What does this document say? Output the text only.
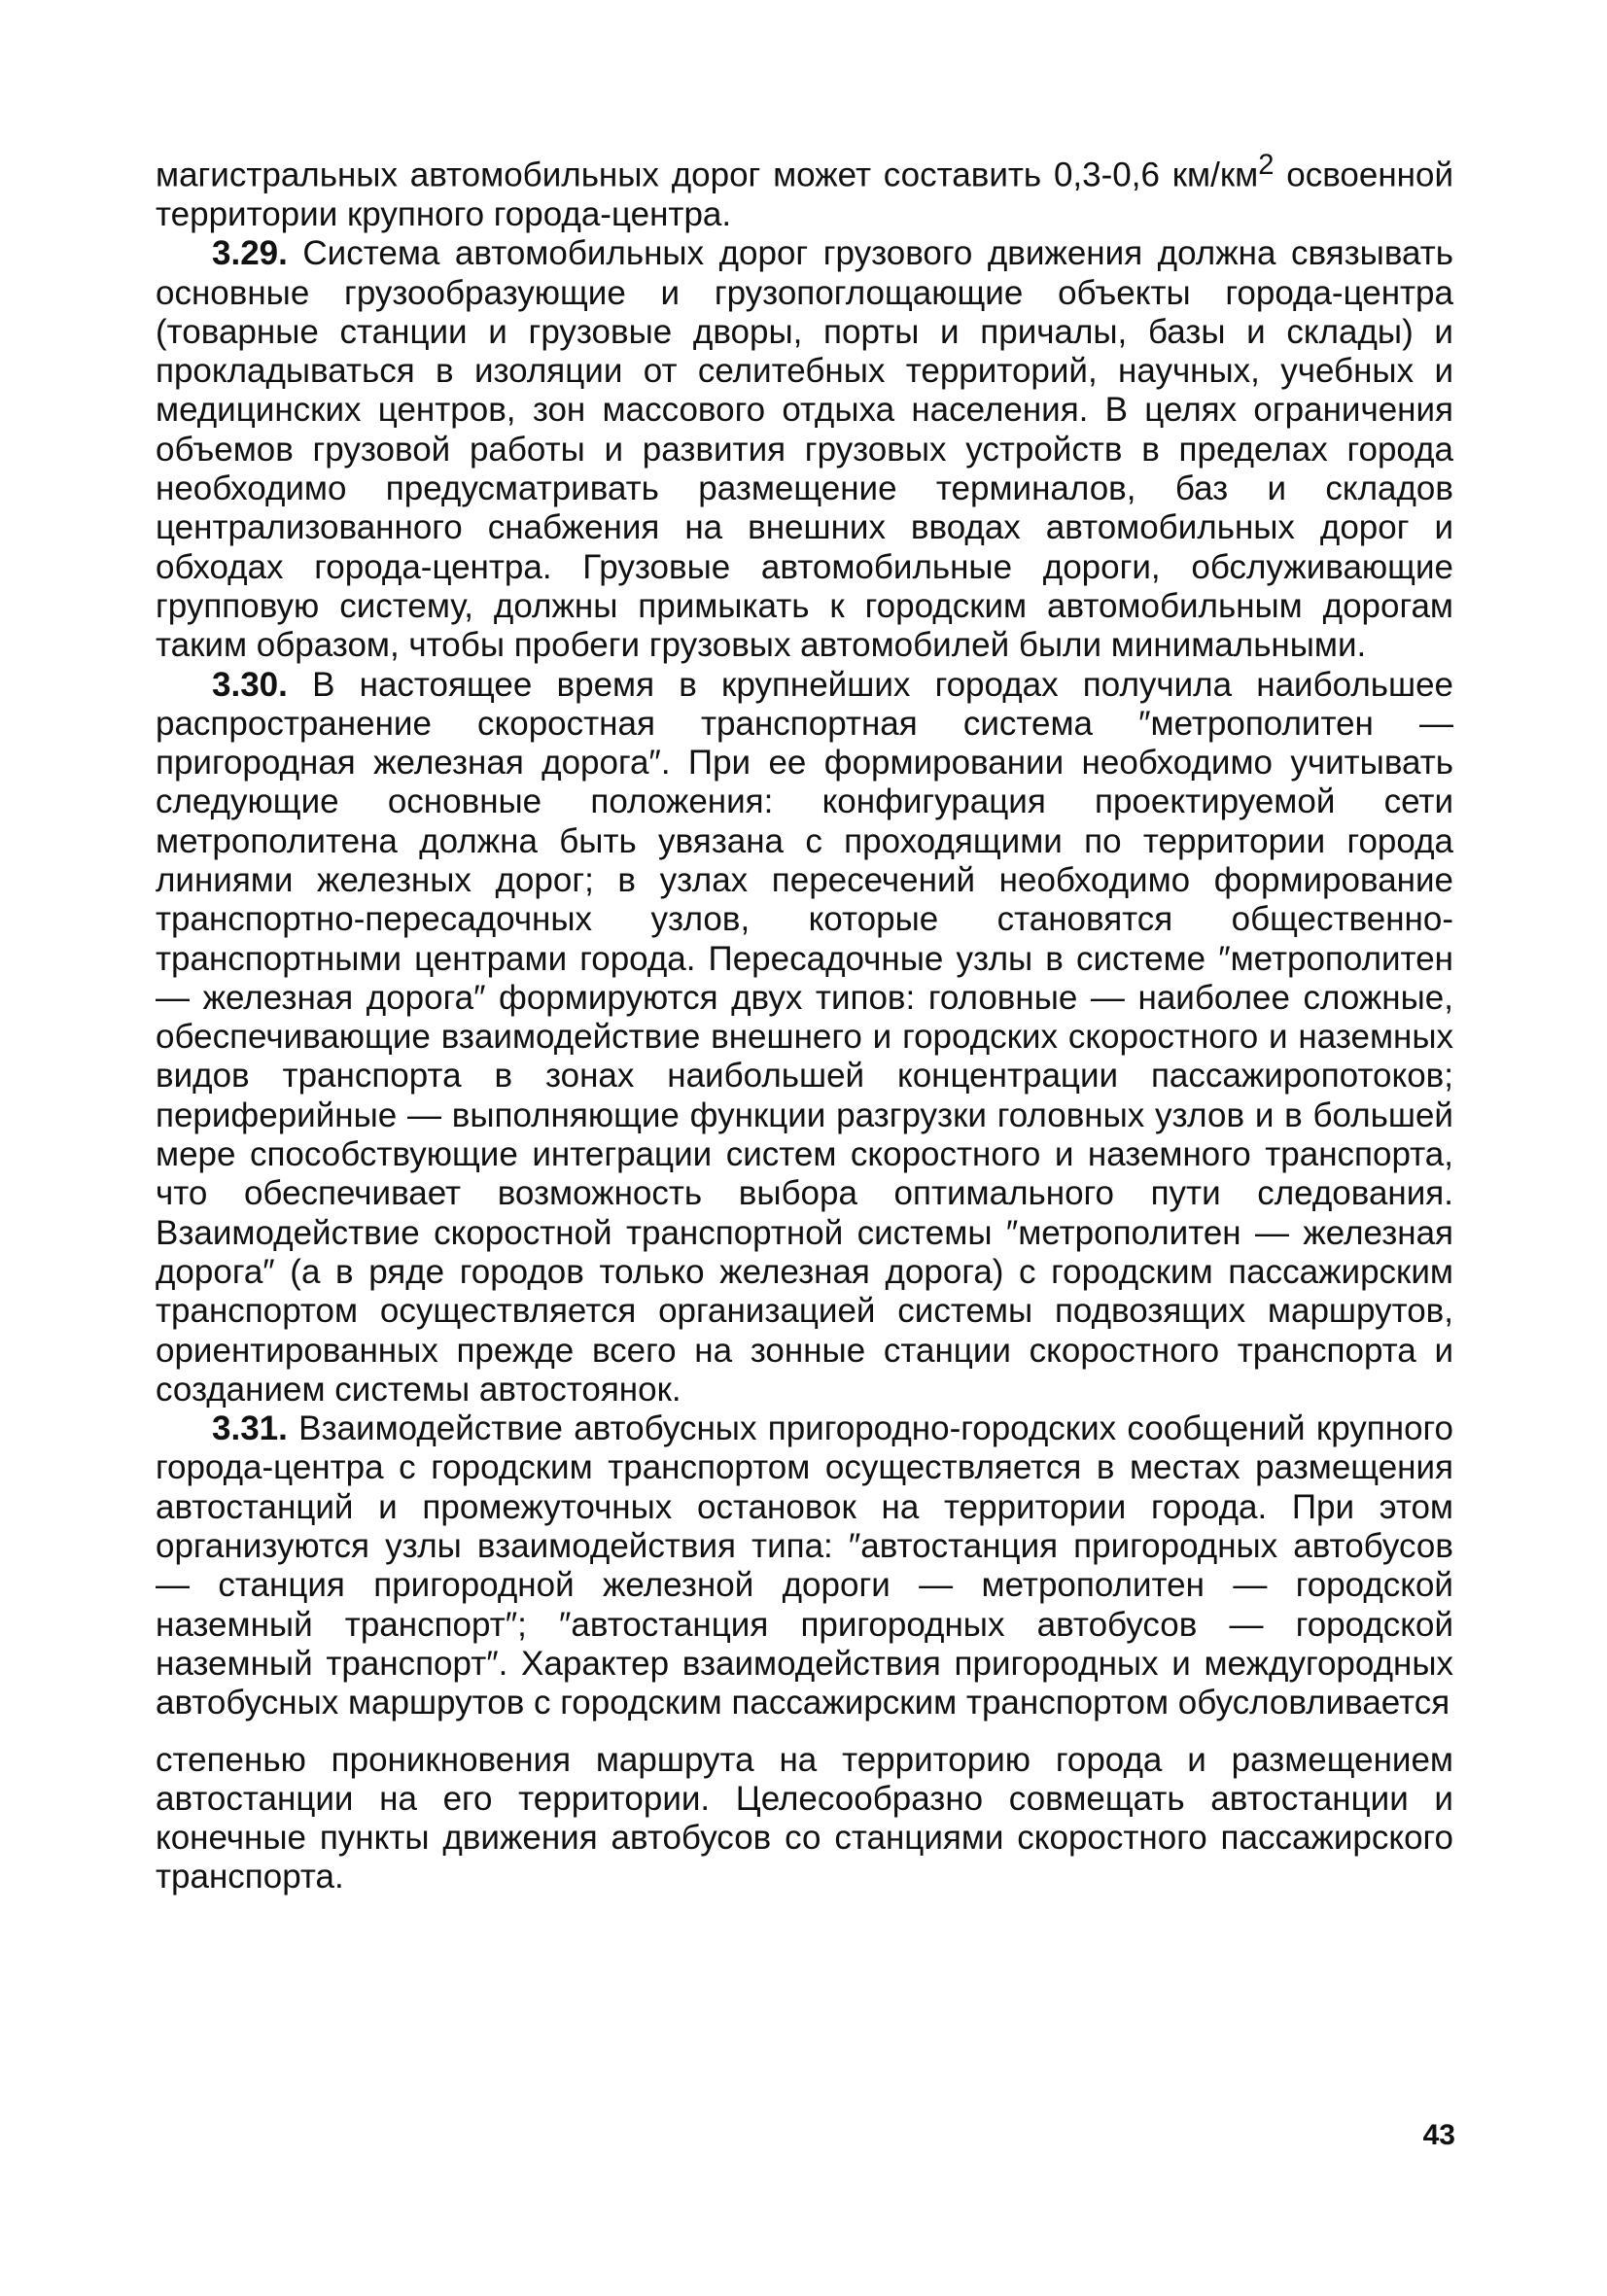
магистральных автомобильных дорог может составить 0,3-0,6 $км/км^2$ освоенной территории крупного города-центра.

3.29. Система автомобильных дорог грузового движения должна связывать основные грузообразующие и грузопоглощающие объекты города-центра (товарные станции и грузовые дворы, порты и причалы, базы и склады) и прокладываться в изоляции от селитебных территорий, научных, учебных и медицинских центров, зон массового отдыха населения. В целях ограничения объемов грузовой работы и развития грузовых устройств в пределах города необходимо предусматривать размещение терминалов, баз и складов централизованного снабжения на внешних вводах автомобильных дорог и обходах города-центра. Грузовые автомобильные дороги, обслуживающие групповую систему, должны примыкать к городским автомобильным дорогам таким образом, чтобы пробеги грузовых автомобилей были минимальными.

3.30. В настоящее время в крупнейших городах получила наибольшее распространение скоростная транспортная система ″метрополитен — пригородная железная дорога″. При ее формировании необходимо учитывать следующие основные положения: конфигурация проектируемой сети метрополитена должна быть увязана с проходящими по территории города линиями железных дорог; в узлах пересечений необходимо формирование транспортно-пересадочных узлов, которые становятся общественно-транспортными центрами города. Пересадочные узлы в системе ″метрополитен — железная дорога″ формируются двух типов: головные — наиболее сложные, обеспечивающие взаимодействие внешнего и городских скоростного и наземных видов транспорта в зонах наибольшей концентрации пассажиропотоков; периферийные — выполняющие функции разгрузки головных узлов и в большей мере способствующие интеграции систем скоростного и наземного транспорта, что обеспечивает возможность выбора оптимального пути следования. Взаимодействие скоростной транспортной системы ″метрополитен — железная дорога″ (а в ряде городов только железная дорога) с городским пассажирским транспортом осуществляется организацией системы подвозящих маршрутов, ориентированных прежде всего на зонные станции скоростного транспорта и созданием системы автостоянок.

3.31. Взаимодействие автобусных пригородно-городских сообщений крупного города-центра с городским транспортом осуществляется в местах размещения автостанций и промежуточных остановок на территории города. При этом организуются узлы взаимодействия типа: ″автостанция пригородных автобусов — станция пригородной железной дороги — метрополитен — городской наземный транспорт″; ″автостанция пригородных автобусов — городской наземный транспорт″. Характер взаимодействия пригородных и междугородных автобусных маршрутов с городским пассажирским транспортом обусловливается

степенью проникновения маршрута на территорию города и размещением автостанции на его территории. Целесообразно совмещать автостанции и конечные пункты движения автобусов со станциями скоростного пассажирского транспорта.

43
